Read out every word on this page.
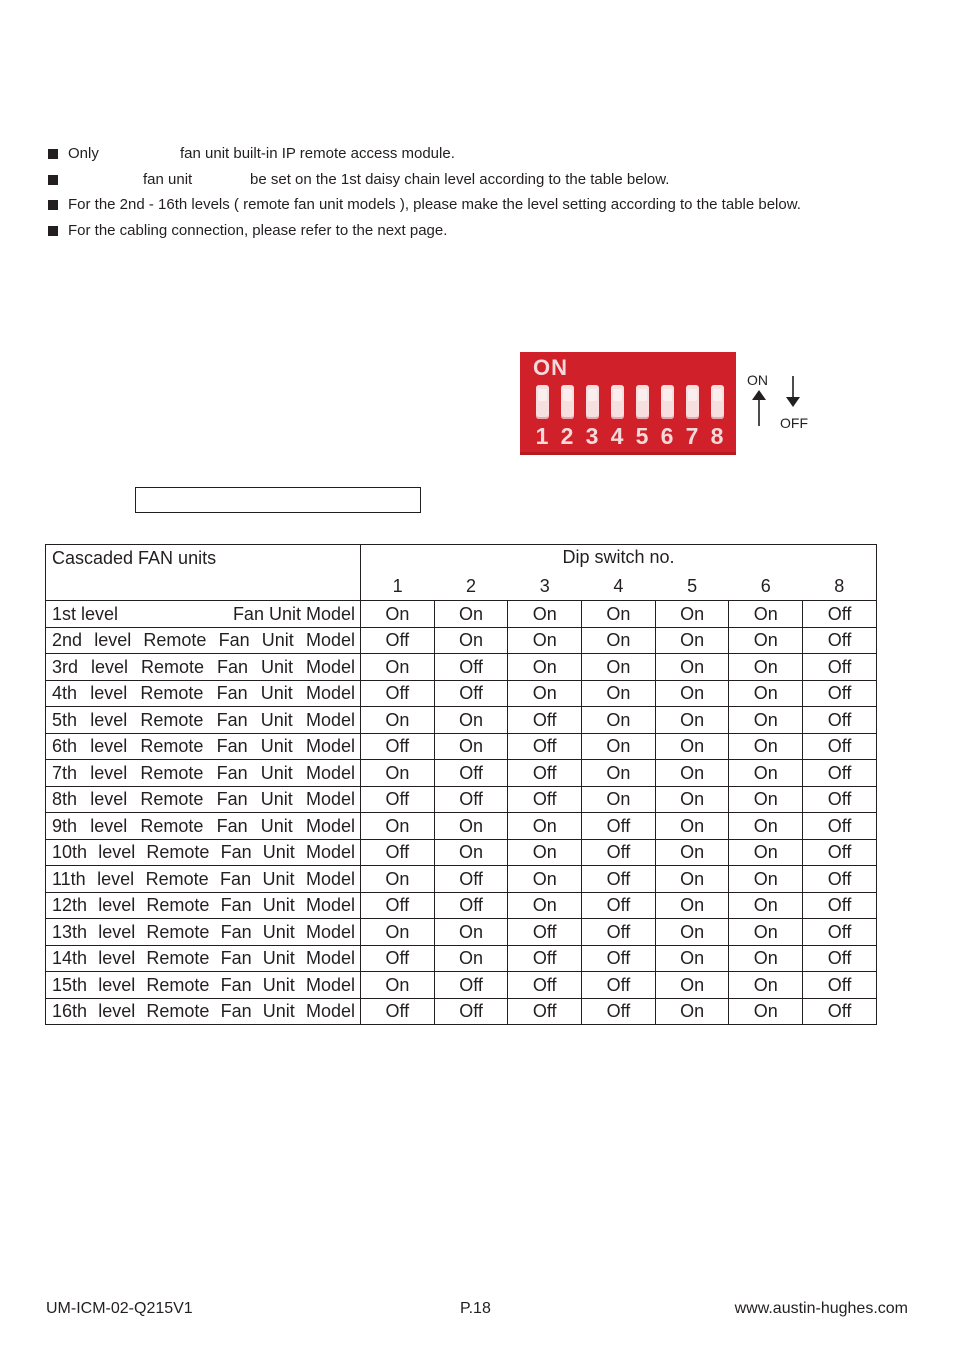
Only	fan unit built-in IP remote access module.
fan unit	be set on the 1st daisy chain level according to the table below.
For the 2nd - 16th levels ( remote fan unit models ), please make the level setting according to the table below.
For the cabling connection, please refer to the next page.
ON
1 2 3 4 5 6 7 8
ON
OFF
Cascaded FAN units	Dip switch no.						
	1	2	3	4	5	6	8
1st level Fan Unit Model	On	On	On	On	On	On	Off
2nd level Remote Fan Unit Model	Off	On	On	On	On	On	Off
3rd level Remote Fan Unit Model	On	Off	On	On	On	On	Off
4th level Remote Fan Unit Model	Off	Off	On	On	On	On	Off
5th level Remote Fan Unit Model	On	On	Off	On	On	On	Off
6th level Remote Fan Unit Model	Off	On	Off	On	On	On	Off
7th level Remote Fan Unit Model	On	Off	Off	On	On	On	Off
8th level Remote Fan Unit Model	Off	Off	Off	On	On	On	Off
9th level Remote Fan Unit Model	On	On	On	Off	On	On	Off
10th level Remote Fan Unit Model	Off	On	On	Off	On	On	Off
11th level Remote Fan Unit Model	On	Off	On	Off	On	On	Off
12th level Remote Fan Unit Model	Off	Off	On	Off	On	On	Off
13th level Remote Fan Unit Model	On	On	Off	Off	On	On	Off
14th level Remote Fan Unit Model	Off	On	Off	Off	On	On	Off
15th level Remote Fan Unit Model	On	Off	Off	Off	On	On	Off
16th level Remote Fan Unit Model	Off	Off	Off	Off	On	On	Off
UM-ICM-02-Q215V1	P.18	www.austin-hughes.com
